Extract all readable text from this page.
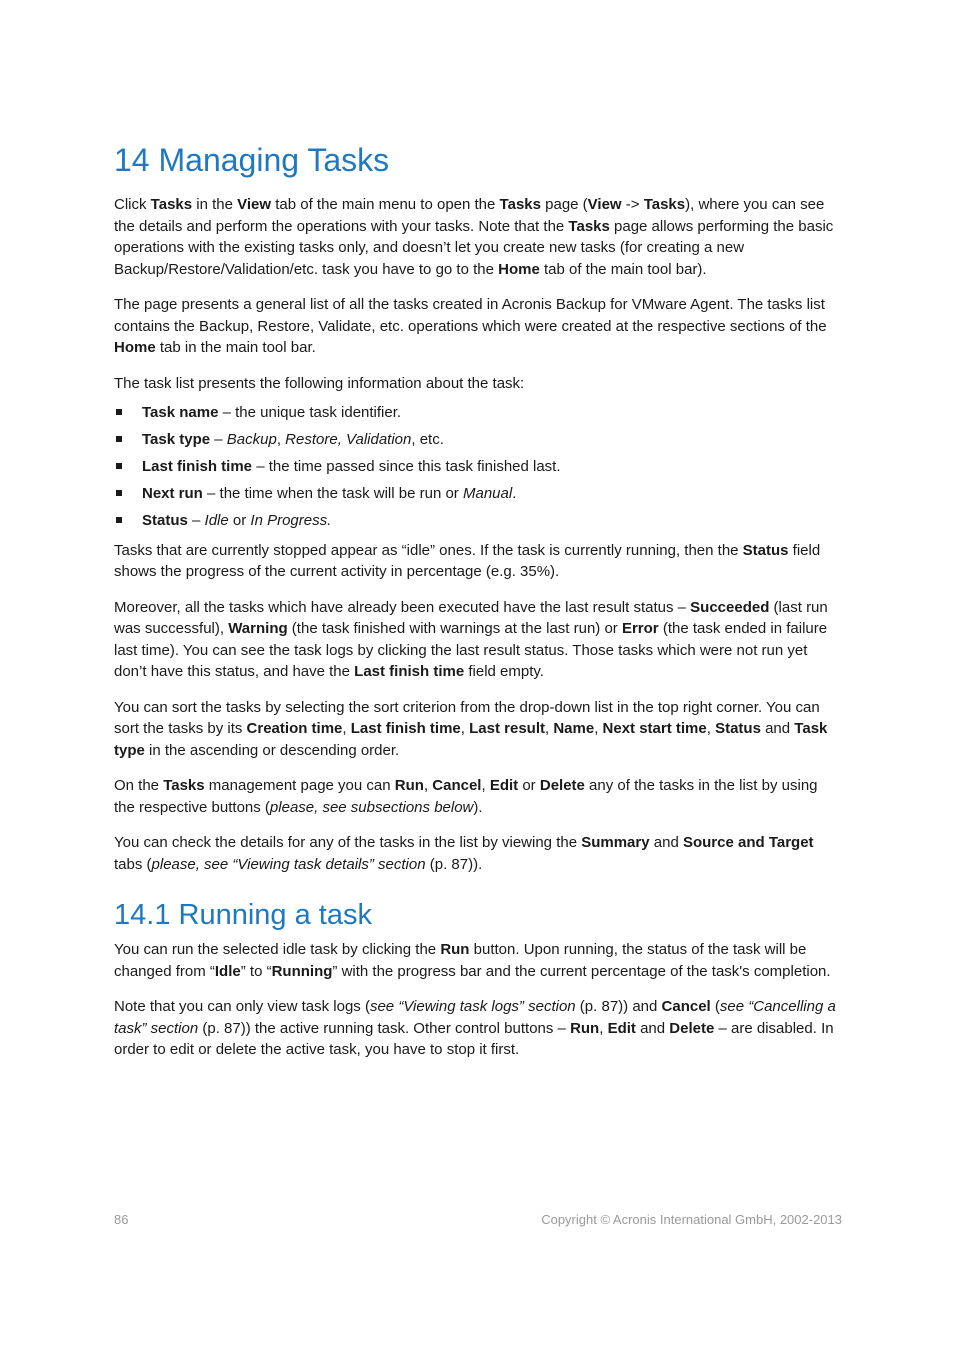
14 Managing Tasks

Click Tasks in the View tab of the main menu to open the Tasks page (View -> Tasks), where you can see the details and perform the operations with your tasks. Note that the Tasks page allows performing the basic operations with the existing tasks only, and doesn’t let you create new tasks (for creating a new Backup/Restore/Validation/etc. task you have to go to the Home tab of the main tool bar).

The page presents a general list of all the tasks created in Acronis Backup for VMware Agent. The tasks list contains the Backup, Restore, Validate, etc. operations which were created at the respective sections of the Home tab in the main tool bar.

The task list presents the following information about the task:

Task name – the unique task identifier.
Task type – Backup, Restore, Validation, etc.
Last finish time – the time passed since this task finished last.
Next run – the time when the task will be run or Manual.
Status – Idle or In Progress.

Tasks that are currently stopped appear as “idle” ones. If the task is currently running, then the Status field shows the progress of the current activity in percentage (e.g. 35%).

Moreover, all the tasks which have already been executed have the last result status – Succeeded (last run was successful), Warning (the task finished with warnings at the last run) or Error (the task ended in failure last time). You can see the task logs by clicking the last result status. Those tasks which were not run yet don’t have this status, and have the Last finish time field empty.

You can sort the tasks by selecting the sort criterion from the drop-down list in the top right corner. You can sort the tasks by its Creation time, Last finish time, Last result, Name, Next start time, Status and Task type in the ascending or descending order.

On the Tasks management page you can Run, Cancel, Edit or Delete any of the tasks in the list by using the respective buttons (please, see subsections below).

You can check the details for any of the tasks in the list by viewing the Summary and Source and Target tabs (please, see “Viewing task details” section (p. 87)).

14.1 Running a task

You can run the selected idle task by clicking the Run button. Upon running, the status of the task will be changed from “Idle” to “Running” with the progress bar and the current percentage of the task's completion.

Note that you can only view task logs (see “Viewing task logs” section (p. 87)) and Cancel (see “Cancelling a task” section (p. 87)) the active running task. Other control buttons – Run, Edit and Delete – are disabled. In order to edit or delete the active task, you have to stop it first.

86	Copyright © Acronis International GmbH, 2002-2013
